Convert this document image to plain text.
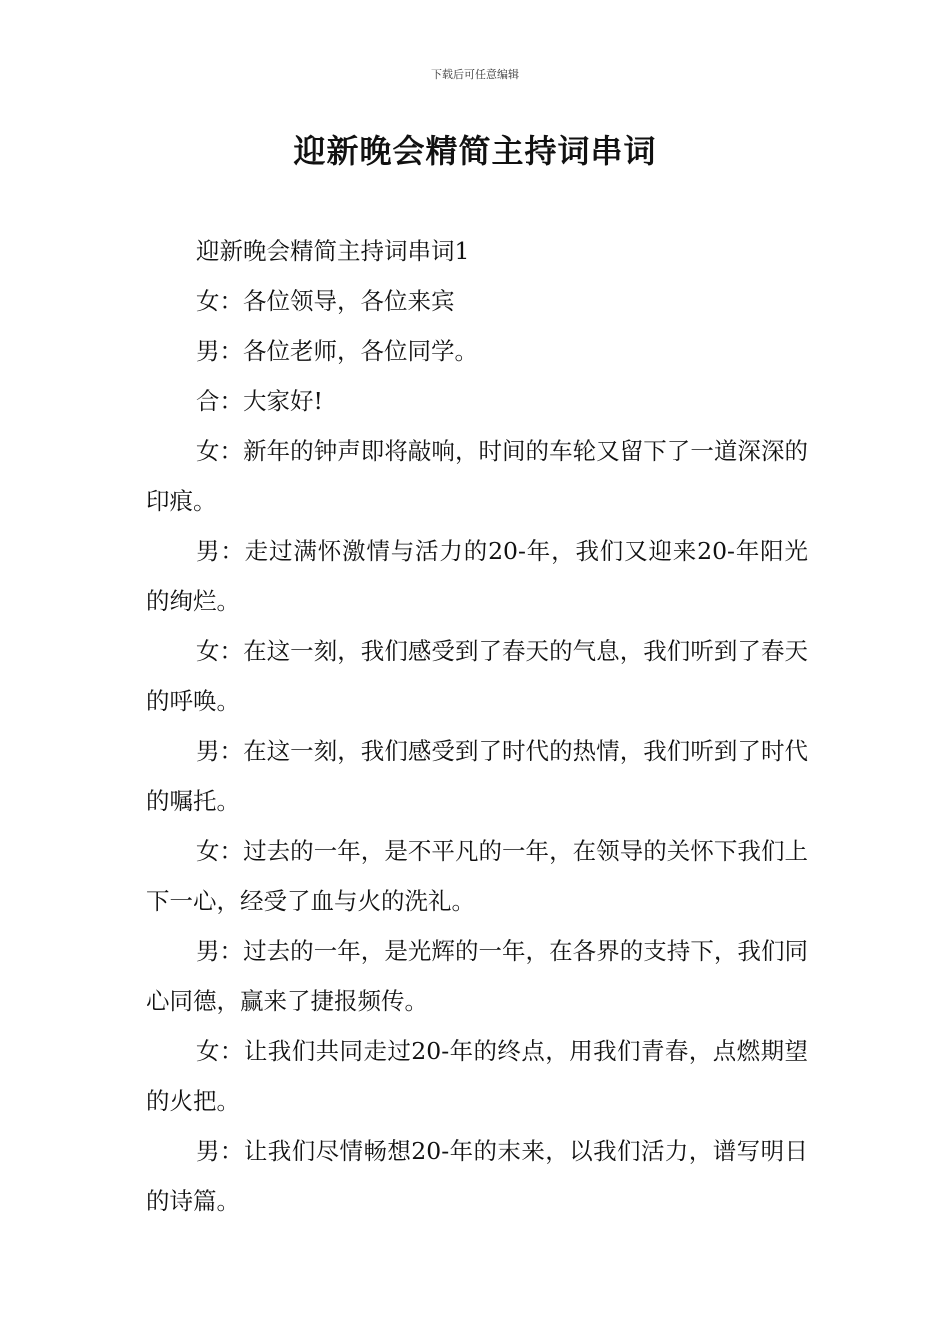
下载后可任意编辑
迎新晚会精简主持词串词

迎新晚会精简主持词串词1

女：各位领导，各位来宾

男：各位老师，各位同学。

合：大家好!

女：新年的钟声即将敲响，时间的车轮又留下了一道深深的印痕。

男：走过满怀激情与活力的20-年，我们又迎来20-年阳光的绚烂。

女：在这一刻，我们感受到了春天的气息，我们听到了春天的呼唤。

男：在这一刻，我们感受到了时代的热情，我们听到了时代的嘱托。

女：过去的一年，是不平凡的一年，在领导的关怀下我们上下一心，经受了血与火的洗礼。

男：过去的一年，是光辉的一年，在各界的支持下，我们同心同德，赢来了捷报频传。

女：让我们共同走过20-年的终点，用我们青春，点燃期望的火把。

男：让我们尽情畅想20-年的末来，以我们活力，谱写明日的诗篇。
